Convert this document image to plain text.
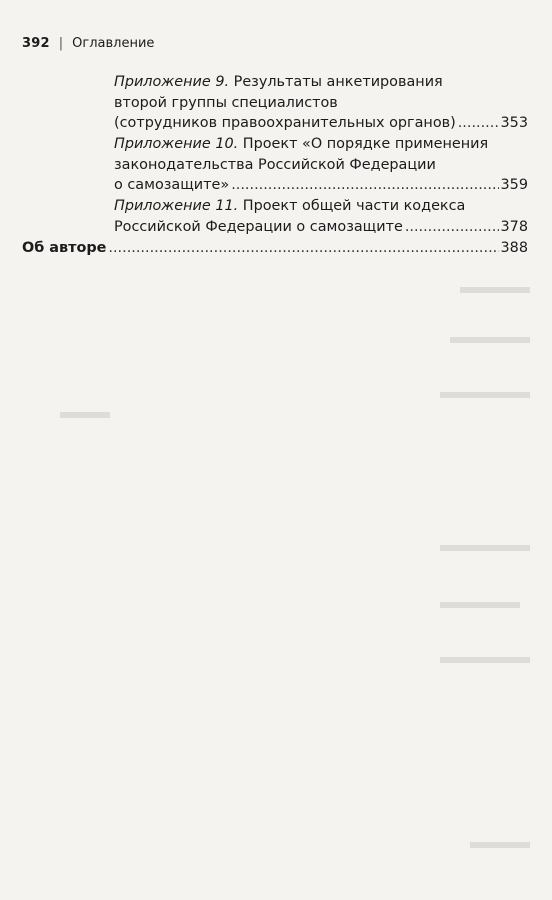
392 | Оглавление
Приложение 9. Результаты анкетирования
второй группы специалистов
(сотрудников правоохранительных органов) .....	353
Приложение 10. Проект «О порядке применения
законодательства Российской Федерации
о самозащите» .....	359
Приложение 11. Проект общей части кодекса
Российской Федерации о самозащите .....	378
Об авторе .....	388
